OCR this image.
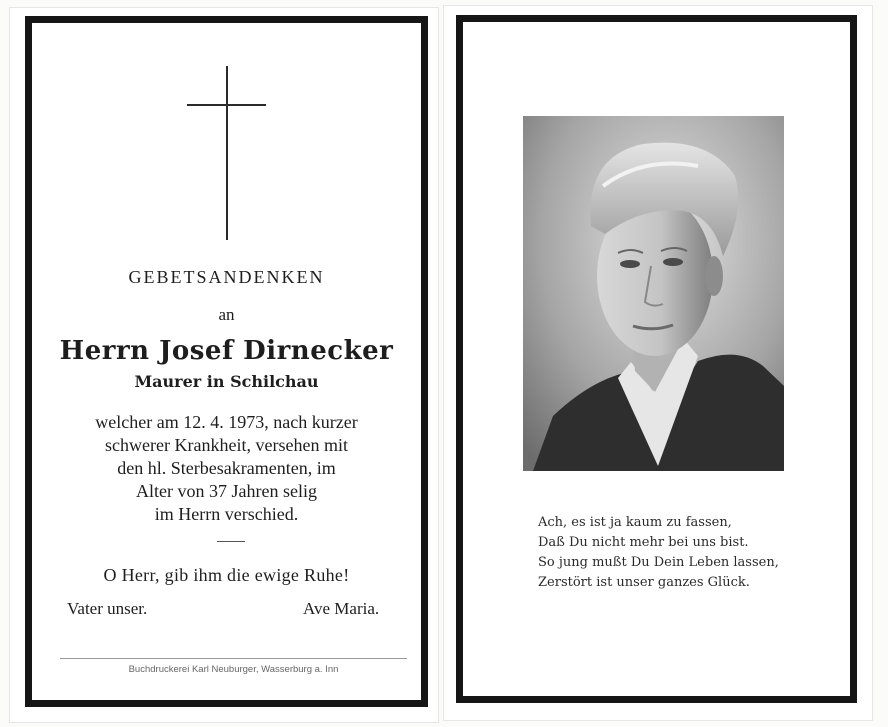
GEBETSANDENKEN
an
Herrn Josef Dirnecker
Maurer in Schilchau
welcher am 12. 4. 1973, nach kurzer
schwerer Krankheit, versehen mit
den hl. Sterbesakramenten, im
Alter von 37 Jahren selig
im Herrn verschied.
O Herr, gib ihm die ewige Ruhe!
Vater unser.	Ave Maria.
Buchdruckerei Karl Neuburger, Wasserburg a. Inn
Ach, es ist ja kaum zu fassen,
Daß Du nicht mehr bei uns bist.
So jung mußt Du Dein Leben lassen,
Zerstört ist unser ganzes Glück.
